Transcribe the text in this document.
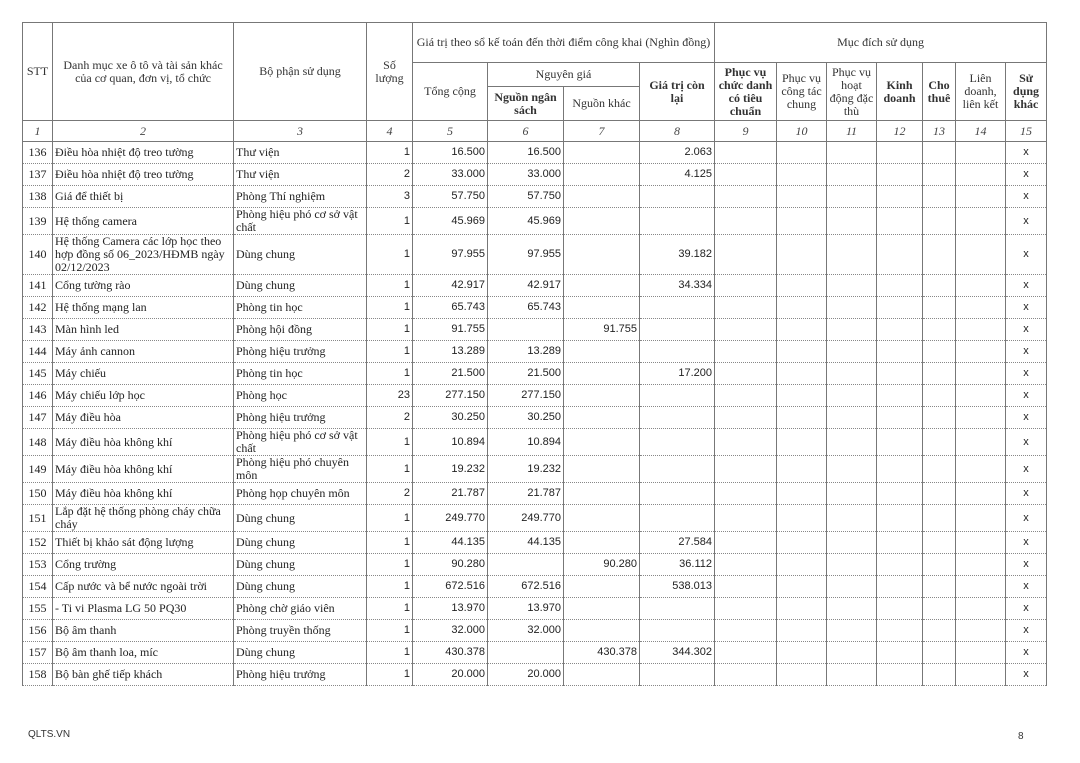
STT	Danh mục xe ô tô và tài sản khác của cơ quan, đơn vị, tổ chức	Bộ phận sử dụng	Số lượng	Giá trị theo sổ kế toán đến thời điểm công khai (Nghìn đồng)				Mục đích sử dụng						
				Tổng cộng	Nguyên giá		Giá trị còn lại	Phục vụ chức danh có tiêu chuẩn	Phục vụ công tác chung	Phục vụ hoạt động đặc thù	Kinh doanh	Cho thuê	Liên doanh, liên kết	Sử dụng khác
					Nguồn ngân sách	Nguồn khác								
1	2	3	4	5	6	7	8	9	10	11	12	13	14	15
136	Điều hòa nhiệt độ treo tường	Thư viện	1	16.500	16.500		2.063							x
137	Điều hòa nhiệt độ treo tường	Thư viện	2	33.000	33.000		4.125							x
138	Giá để thiết bị	Phòng Thí nghiệm	3	57.750	57.750									x
139	Hệ thống camera	Phòng hiệu phó cơ sở vật chất	1	45.969	45.969									x
140	Hệ thống Camera các lớp học theo hợp đồng số 06_2023/HĐMB ngày 02/12/2023	Dùng chung	1	97.955	97.955		39.182							x
141	Cổng tường rào	Dùng chung	1	42.917	42.917		34.334							x
142	Hệ thống mạng lan	Phòng tin học	1	65.743	65.743									x
143	Màn hình led	Phòng hội đồng	1	91.755		91.755								x
144	Máy ảnh cannon	Phòng hiệu trưởng	1	13.289	13.289									x
145	Máy chiếu	Phòng tin học	1	21.500	21.500		17.200							x
146	Máy chiếu lớp học	Phòng học	23	277.150	277.150									x
147	Máy điều hòa	Phòng hiệu trưởng	2	30.250	30.250									x
148	Máy điều hòa không khí	Phòng hiệu phó cơ sở vật chất	1	10.894	10.894									x
149	Máy điều hòa không khí	Phòng hiệu phó chuyên môn	1	19.232	19.232									x
150	Máy điều hòa không khí	Phòng họp chuyên môn	2	21.787	21.787									x
151	Lắp đặt hệ thống phòng cháy chữa cháy	Dùng chung	1	249.770	249.770									x
152	Thiết bị khảo sát động lượng	Dùng chung	1	44.135	44.135		27.584							x
153	Cổng trường	Dùng chung	1	90.280		90.280	36.112							x
154	Cấp nước và bể nước ngoài trời	Dùng chung	1	672.516	672.516		538.013							x
155	- Ti vi Plasma LG 50 PQ30	Phòng chờ giáo viên	1	13.970	13.970									x
156	Bộ âm thanh	Phòng truyền thống	1	32.000	32.000									x
157	Bộ âm thanh loa, míc	Dùng chung	1	430.378		430.378	344.302							x
158	Bộ bàn ghế tiếp khách	Phòng hiệu trưởng	1	20.000	20.000									x
QLTS.VN	8
